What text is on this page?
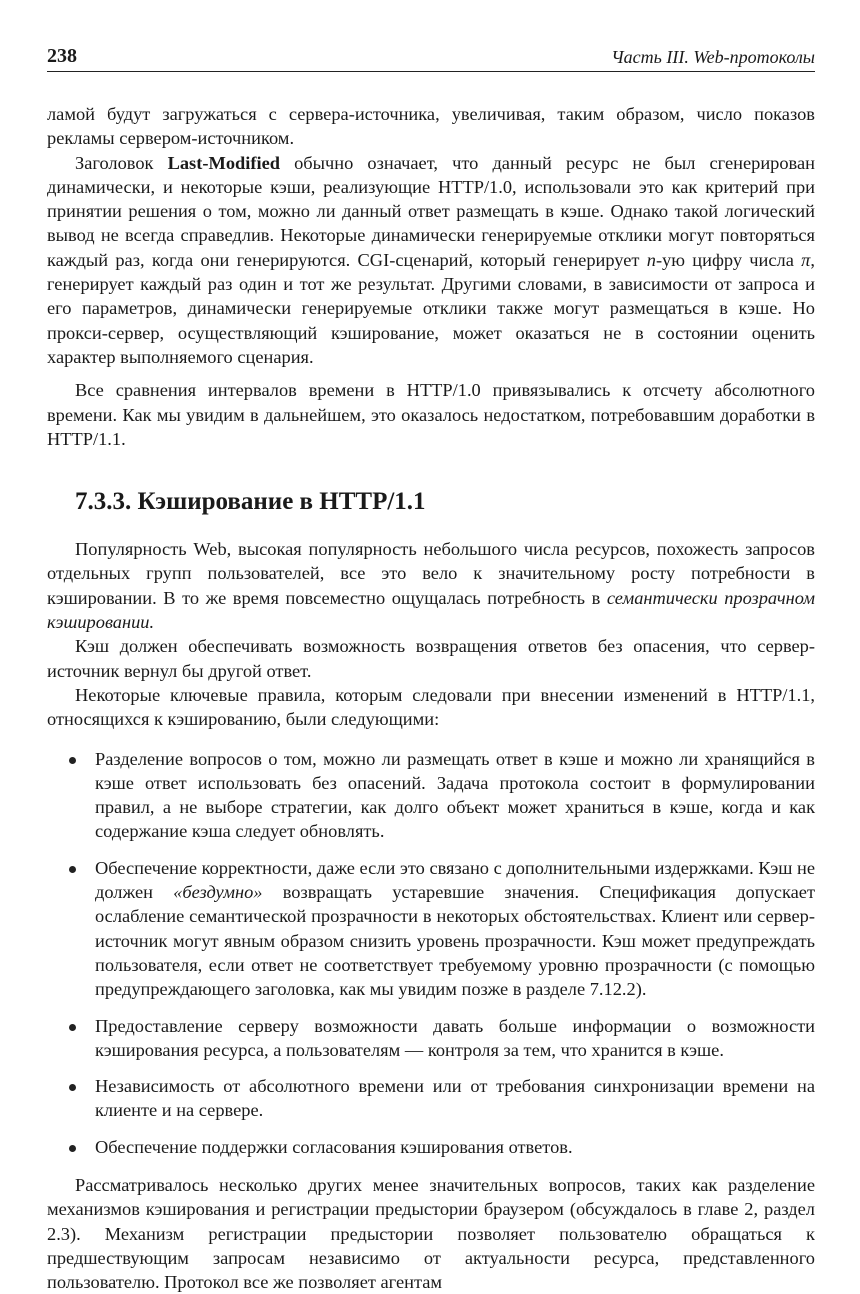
238	Часть III. Web-протоколы

ламой будут загружаться с сервера-источника, увеличивая, таким образом, число показов рекламы сервером-источником.

Заголовок Last-Modified обычно означает, что данный ресурс не был сгенерирован динамически, и некоторые кэши, реализующие HTTP/1.0, использовали это как критерий при принятии решения о том, можно ли данный ответ размещать в кэше. Однако такой логический вывод не всегда справедлив. Некоторые динамически генерируемые отклики могут повторяться каждый раз, когда они генерируются. CGI-сценарий, который генерирует n-ую цифру числа π, генерирует каждый раз один и тот же результат. Другими словами, в зависимости от запроса и его параметров, динамически генерируемые отклики также могут размещаться в кэше. Но прокси-сервер, осуществляющий кэширование, может оказаться не в состоянии оценить характер выполняемого сценария.

Все сравнения интервалов времени в HTTP/1.0 привязывались к отсчету абсолютного времени. Как мы увидим в дальнейшем, это оказалось недостатком, потребовавшим доработки в HTTP/1.1.

7.3.3. Кэширование в HTTP/1.1

Популярность Web, высокая популярность небольшого числа ресурсов, похожесть запросов отдельных групп пользователей, все это вело к значительному росту потребности в кэшировании. В то же время повсеместно ощущалась потребность в семантически прозрачном кэшировании.

Кэш должен обеспечивать возможность возвращения ответов без опасения, что сервер-источник вернул бы другой ответ.

Некоторые ключевые правила, которым следовали при внесении изменений в HTTP/1.1, относящихся к кэшированию, были следующими:

Разделение вопросов о том, можно ли размещать ответ в кэше и можно ли хранящийся в кэше ответ использовать без опасений. Задача протокола состоит в формулировании правил, а не выборе стратегии, как долго объект может храниться в кэше, когда и как содержание кэша следует обновлять.
Обеспечение корректности, даже если это связано с дополнительными издержками. Кэш не должен «бездумно» возвращать устаревшие значения. Спецификация допускает ослабление семантической прозрачности в некоторых обстоятельствах. Клиент или сервер-источник могут явным образом снизить уровень прозрачности. Кэш может предупреждать пользователя, если ответ не соответствует требуемому уровню прозрачности (с помощью предупреждающего заголовка, как мы увидим позже в разделе 7.12.2).
Предоставление серверу возможности давать больше информации о возможности кэширования ресурса, а пользователям — контроля за тем, что хранится в кэше.
Независимость от абсолютного времени или от требования синхронизации времени на клиенте и на сервере.
Обеспечение поддержки согласования кэширования ответов.

Рассматривалось несколько других менее значительных вопросов, таких как разделение механизмов кэширования и регистрации предыстории браузером (обсуждалось в главе 2, раздел 2.3). Механизм регистрации предыстории позволяет пользователю обращаться к предшествующим запросам независимо от актуальности ресурса, представленного пользователю. Протокол все же позволяет агентам
